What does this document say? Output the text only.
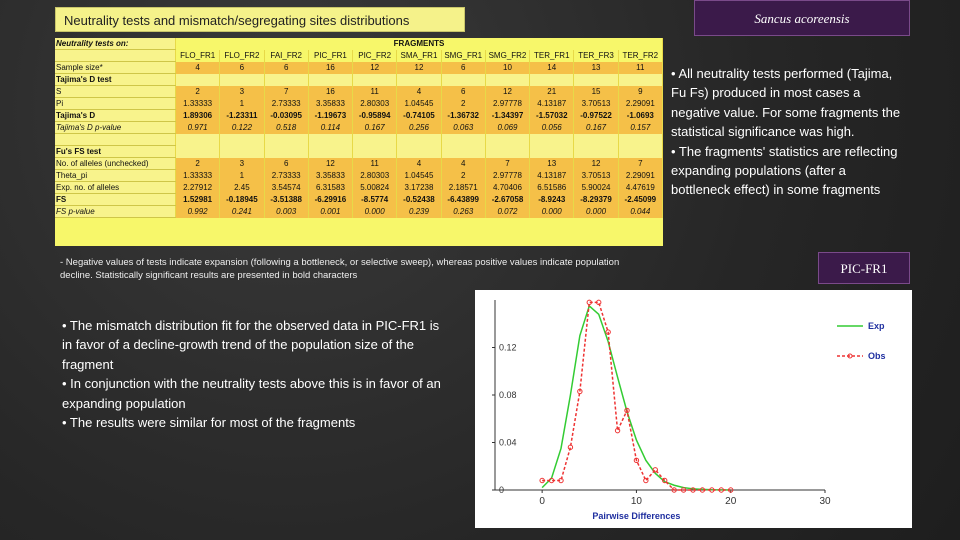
Neutrality tests and mismatch/segregating sites distributions	Sancus acoreensis
Neutrality tests on:	FRAGMENTS										
	FLO_FR1	FLO_FR2	FAI_FR2	PIC_FR1	PIC_FR2	SMA_FR1	SMG_FR1	SMG_FR2	TER_FR1	TER_FR3	TER_FR2
Sample size*	4	6	6	16	12	12	6	10	14	13	11
Tajima's D test											
S	2	3	7	16	11	4	6	12	21	15	9
Pi	1.33333	1	2.73333	3.35833	2.80303	1.04545	2	2.97778	4.13187	3.70513	2.29091
Tajima's D	1.89306	-1.23311	-0.03095	-1.19673	-0.95894	-0.74105	-1.36732	-1.34397	-1.57032	-0.97522	-1.0693
Tajima's D p-value	0.971	0.122	0.518	0.114	0.167	0.256	0.063	0.069	0.056	0.167	0.157

Fu's FS test											
No. of alleles (unchecked)	2	3	6	12	11	4	4	7	13	12	7
Theta_pi	1.33333	1	2.73333	3.35833	2.80303	1.04545	2	2.97778	4.13187	3.70513	2.29091
Exp. no. of alleles	2.27912	2.45	3.54574	6.31583	5.00824	3.17238	2.18571	4.70406	6.51586	5.90024	4.47619
FS	1.52981	-0.18945	-3.51388	-6.29916	-8.5774	-0.52438	-6.43899	-2.67058	-8.9243	-8.29379	-2.45099
FS p-value	0.992	0.241	0.003	0.001	0.000	0.239	0.263	0.072	0.000	0.000	0.044
- Negative values of tests indicate expansion (following a bottleneck, or selective sweep), whereas positive values indicate population decline. Statistically significant results are presented in bold characters
• All neutrality tests performed (Tajima, Fu Fs) produced in most cases a negative value. For some fragments the statistical significance was high.
• The fragments' statistics are reflecting expanding populations (after a bottleneck effect) in some fragments
• The mismatch distribution fit for the observed data in PIC-FR1 is in favor of a decline-growth trend of the population size of the fragment
• In conjunction with the neutrality tests above this is in favor of an expanding population
• The results were similar for most of the fragments
PIC-FR1
0
0.04
0.08
0.12
0	10	20	30
Pairwise Differences
Exp
Obs
